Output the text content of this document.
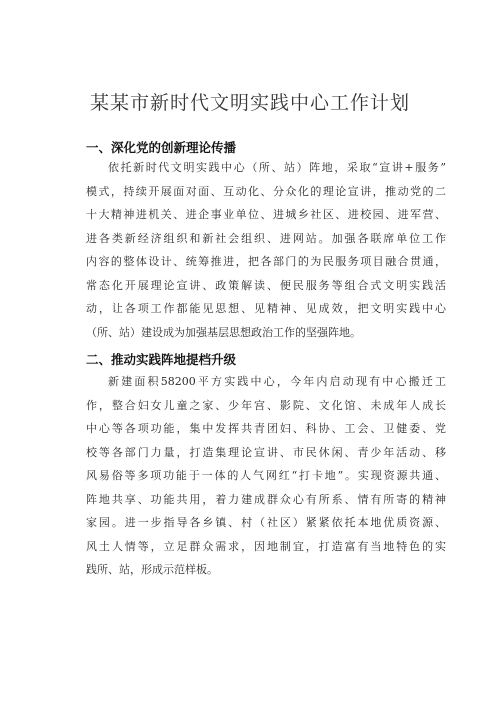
某某市新时代文明实践中心工作计划
一、深化党的创新理论传播
依托新时代文明实践中心（所、站）阵地，采取“宣讲+服务”
模式，持续开展面对面、互动化、分众化的理论宣讲，推动党的二
十大精神进机关、进企事业单位、进城乡社区、进校园、进军营、
进各类新经济组织和新社会组织、进网站。加强各联席单位工作
内容的整体设计、统筹推进，把各部门的为民服务项目融合贯通，
常态化开展理论宣讲、政策解读、便民服务等组合式文明实践活
动，让各项工作都能见思想、见精神、见成效，把文明实践中心
（所、站）建设成为加强基层思想政治工作的坚强阵地。
二、推动实践阵地提档升级
新建面积58200平方实践中心，今年内启动现有中心搬迁工
作，整合妇女儿童之家、少年宫、影院、文化馆、未成年人成长
中心等各项功能，集中发挥共青团妇、科协、工会、卫健委、党
校等各部门力量，打造集理论宣讲、市民休闲、青少年活动、移
风易俗等多项功能于一体的人气网红“打卡地”。实现资源共通、
阵地共享、功能共用，着力建成群众心有所系、情有所寄的精神
家园。进一步指导各乡镇、村（社区）紧紧依托本地优质资源、
风土人情等，立足群众需求，因地制宜，打造富有当地特色的实
践所、站，形成示范样板。
